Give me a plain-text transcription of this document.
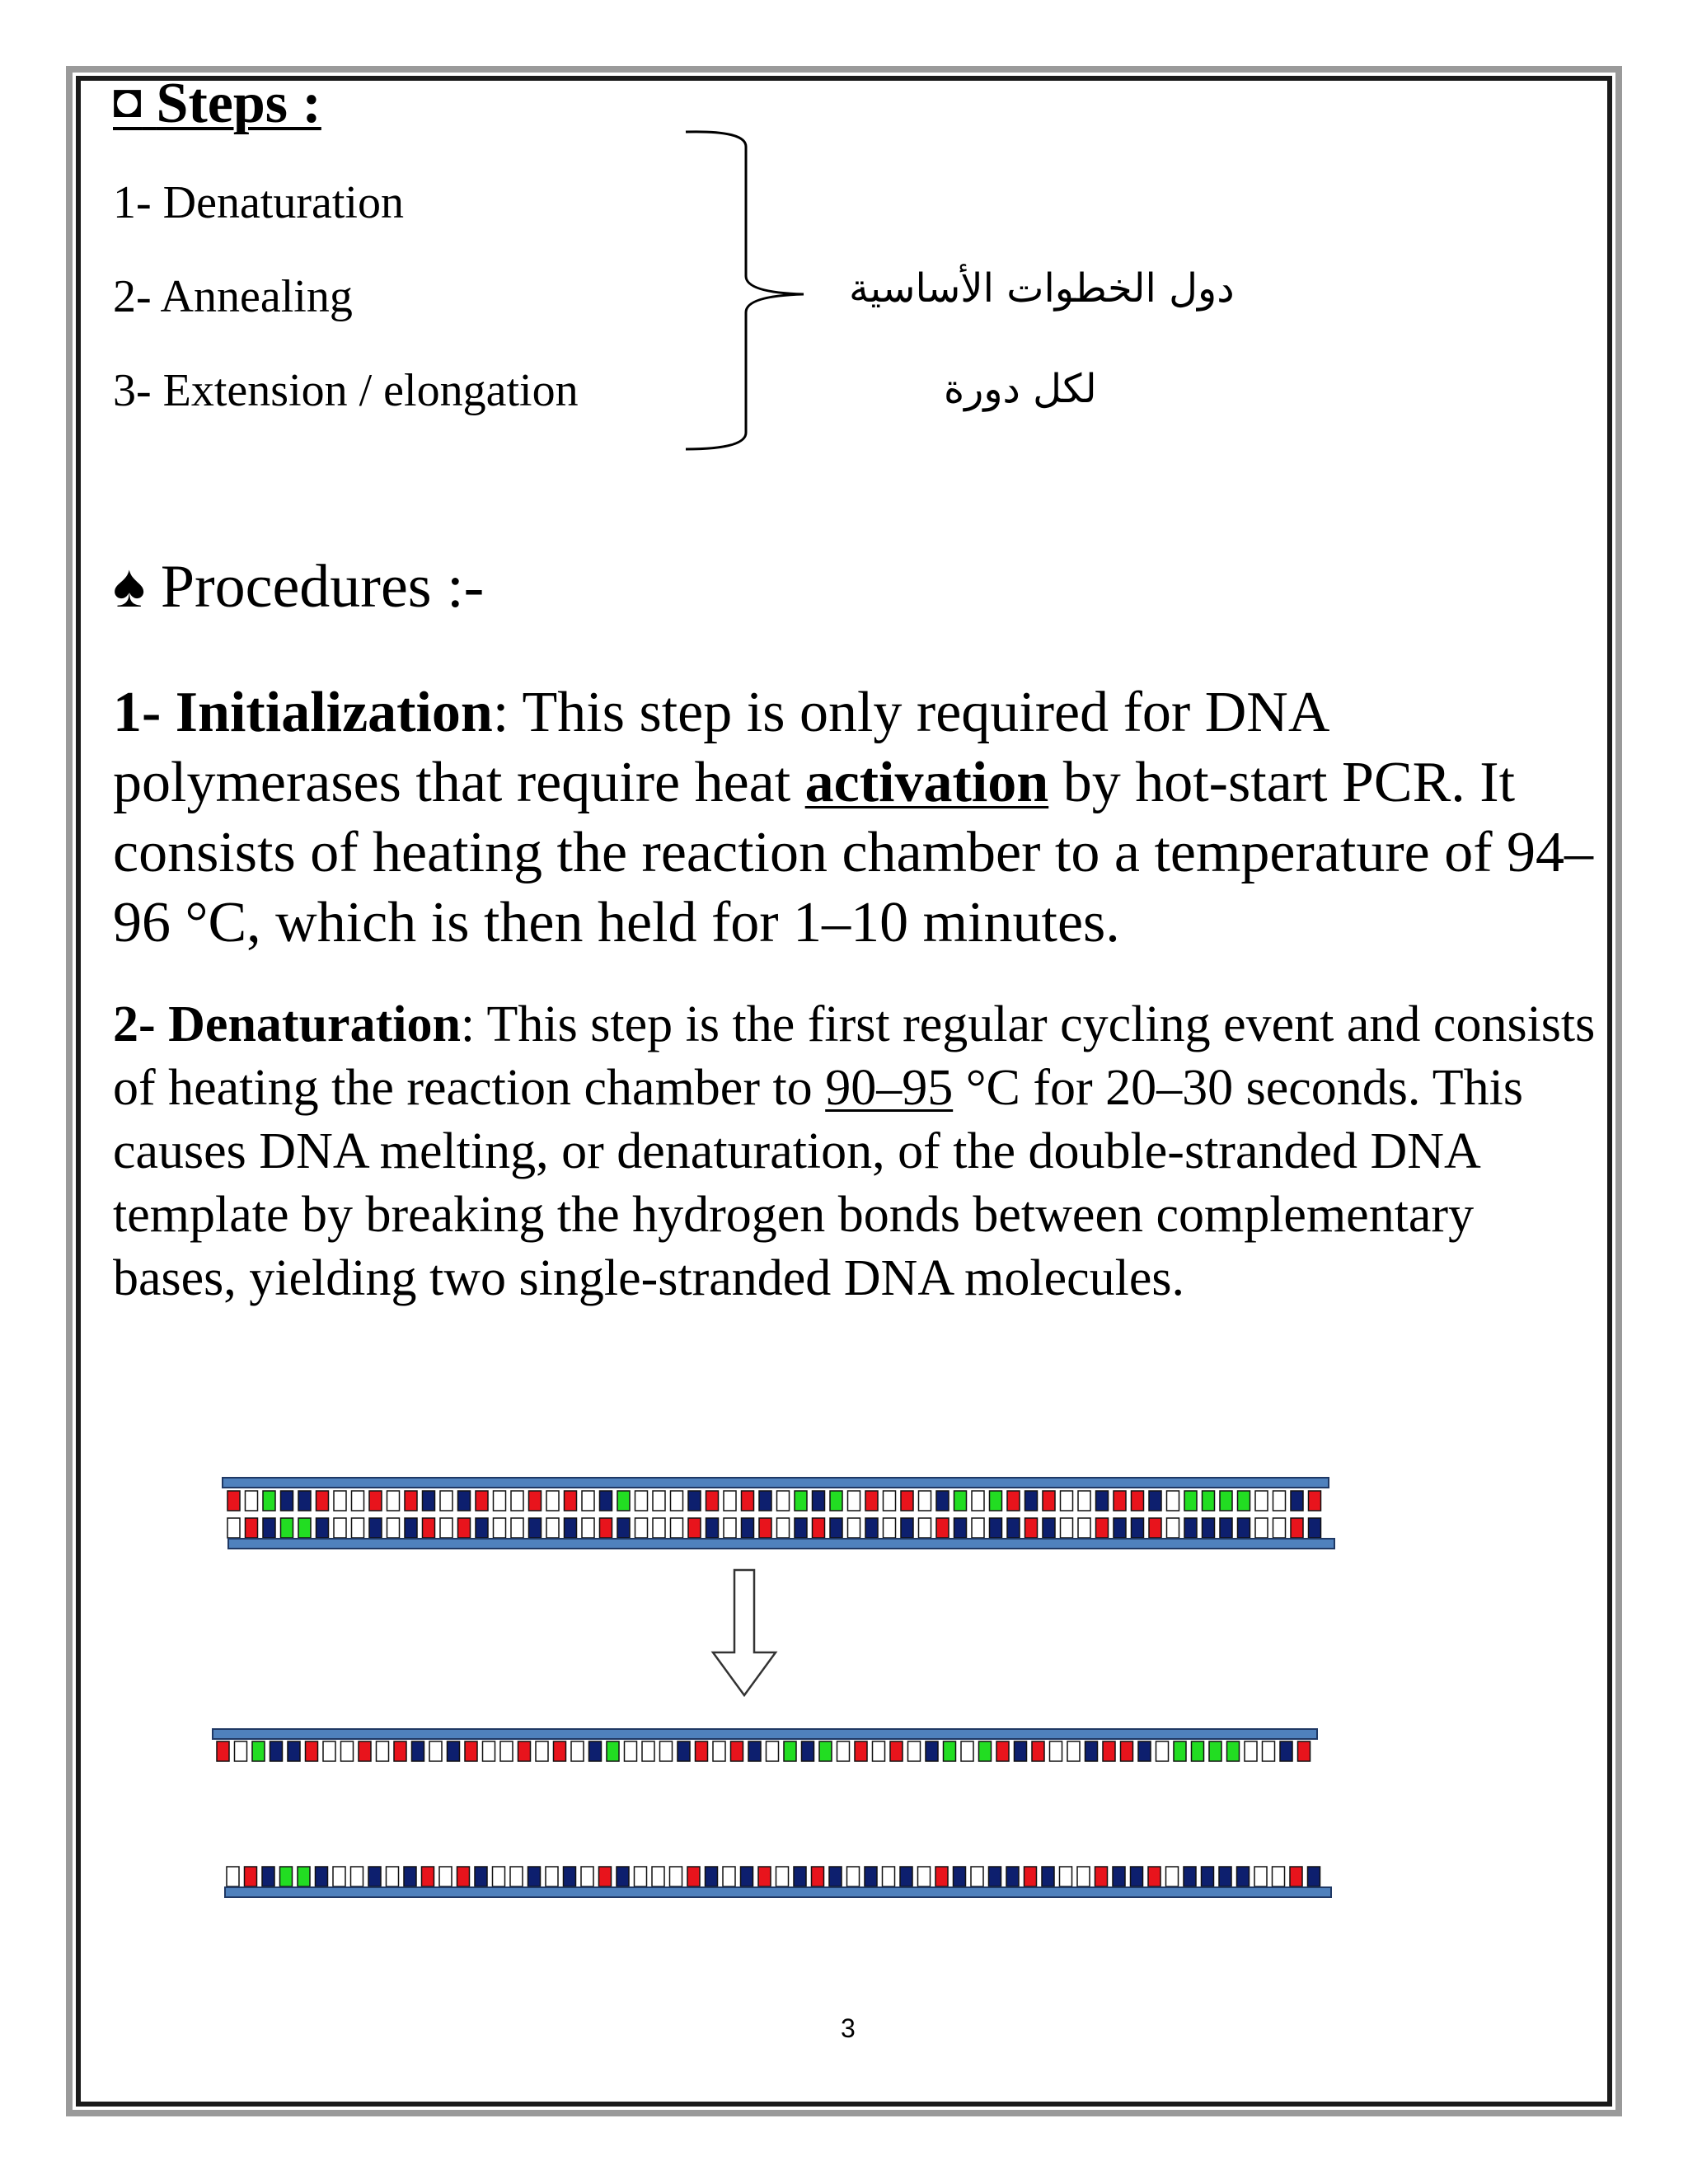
◘ Steps :
1- Denaturation
2- Annealing
3- Extension / elongation
دول الخطوات الأساسية
لكل دورة
♠ Procedures :-
1- Initialization: This step is only required for DNA polymerases that require heat activation by hot-start PCR. It consists of heating the reaction chamber to a temperature of 94–96 °C, which is then held for 1–10 minutes.
2- Denaturation: This step is the first regular cycling event and consists of heating the reaction chamber to 90–95 °C for 20–30 seconds. This causes DNA melting, or denaturation, of the double-stranded DNA template by breaking the hydrogen bonds between complementary bases, yielding two single-stranded DNA molecules.
3
